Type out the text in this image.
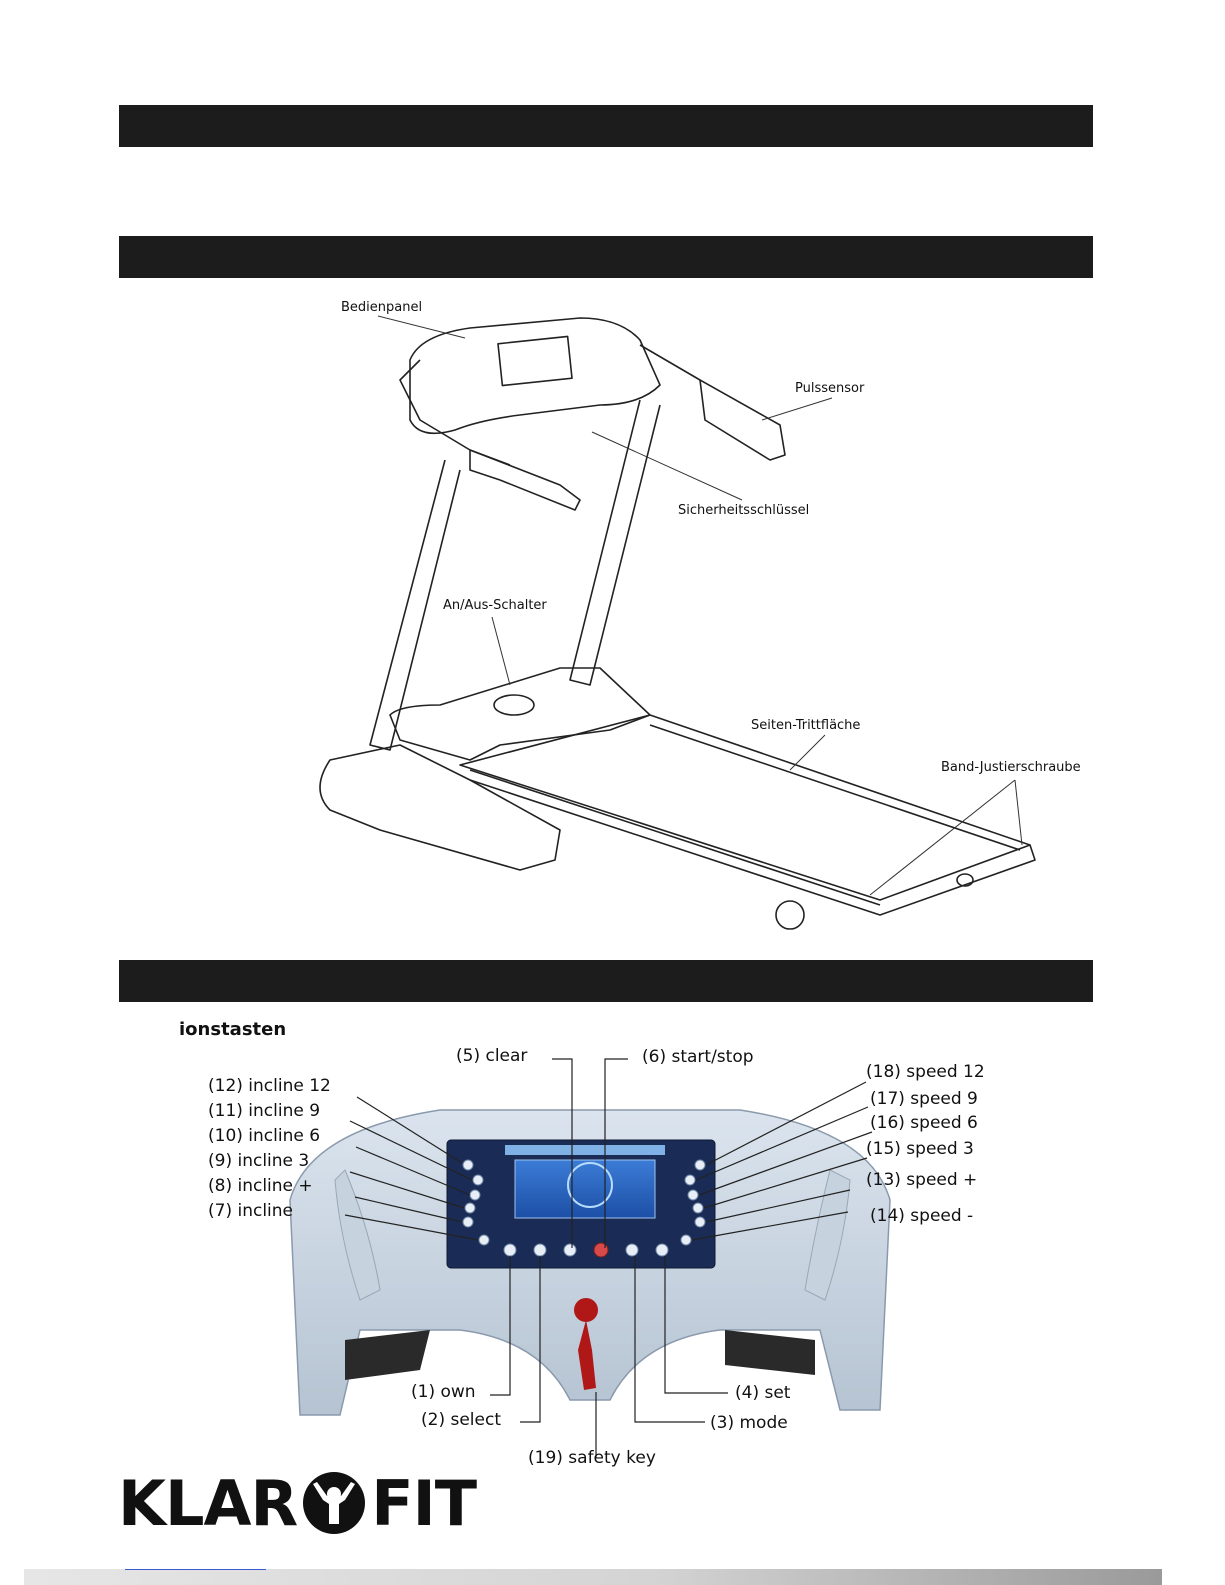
Bedienpanel
Pulssensor
Sicherheitsschlüssel
An/Aus-Schalter
Seiten-Trittfläche
Band-Justierschraube
ionstasten
(5) clear	(6) start/stop
(12) incline 12
(11) incline 9
(10) incline 6
(9) incline 3
(8) incline +
(7) incline
(18) speed 12
(17) speed 9
(16) speed 6
(15) speed 3
(13) speed +
(14) speed -
(1) own
(2) select
(4) set
(3) mode
(19) safety key
KLAR FIT
